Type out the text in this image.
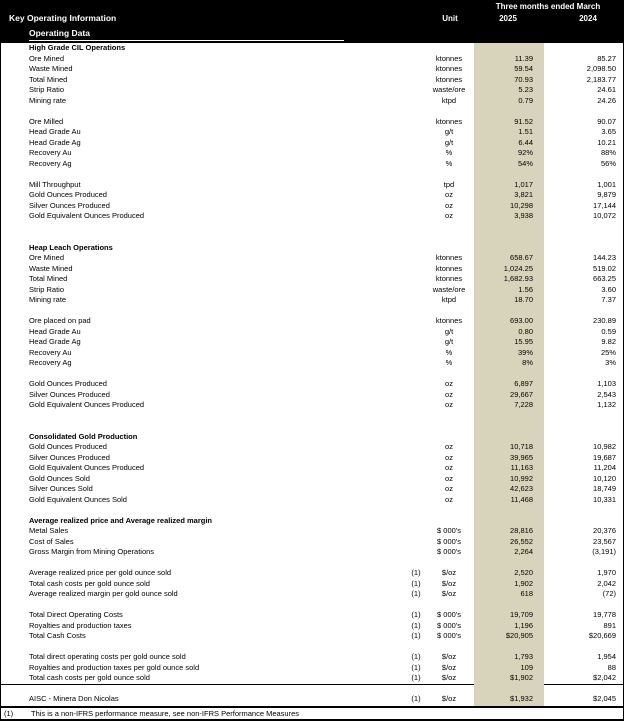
Three months ended March
Key Operating Information	Unit	2025	2024
Operating Data
High Grade CIL Operations
Ore Mined	ktonnes	11.39	85.27
Waste Mined	ktonnes	59.54	2,098.50
Total Mined	ktonnes	70.93	2,183.77
Strip Ratio	waste/ore	5.23	24.61
Mining rate	ktpd	0.79	24.26
Ore Milled	ktonnes	91.52	90.07
Head Grade Au	g/t	1.51	3.65
Head Grade Ag	g/t	6.44	10.21
Recovery Au	%	92%	88%
Recovery Ag	%	54%	56%
Mill Throughput	tpd	1,017	1,001
Gold Ounces Produced	oz	3,821	9,879
Silver Ounces Produced	oz	10,298	17,144
Gold Equivalent Ounces Produced	oz	3,938	10,072
Heap Leach Operations
Ore Mined	ktonnes	658.67	144.23
Waste Mined	ktonnes	1,024.25	519.02
Total Mined	ktonnes	1,682.93	663.25
Strip Ratio	waste/ore	1.56	3.60
Mining rate	ktpd	18.70	7.37
Ore placed on pad	ktonnes	693.00	230.89
Head Grade Au	g/t	0.80	0.59
Head Grade Ag	g/t	15.95	9.82
Recovery Au	%	39%	25%
Recovery Ag	%	8%	3%
Gold Ounces Produced	oz	6,897	1,103
Silver Ounces Produced	oz	29,667	2,543
Gold Equivalent Ounces Produced	oz	7,228	1,132
Consolidated Gold Production
Gold Ounces Produced	oz	10,718	10,982
Silver Ounces Produced	oz	39,965	19,687
Gold Equivalent Ounces Produced	oz	11,163	11,204
Gold Ounces Sold	oz	10,992	10,120
Silver Ounces Sold	oz	42,623	18,749
Gold Equivalent Ounces Sold	oz	11,468	10,331
Average realized price and Average realized margin
Metal Sales	$ 000's	28,816	20,376
Cost of Sales	$ 000's	26,552	23,567
Gross Margin from Mining Operations	$ 000's	2,264	(3,191)
Average realized price per gold ounce sold	(1)	$/oz	2,520	1,970
Total cash costs per gold ounce sold	(1)	$/oz	1,902	2,042
Average realized margin per gold ounce sold	(1)	$/oz	618	(72)
Total Direct Operating Costs	(1)	$ 000's	19,709	19,778
Royalties and production taxes	(1)	$ 000's	1,196	891
Total Cash Costs	(1)	$ 000's	$20,905	$20,669
Total direct operating costs per gold ounce sold	(1)	$/oz	1,793	1,954
Royalties and production taxes per gold ounce sold	(1)	$/oz	109	88
Total cash costs per gold ounce sold	(1)	$/oz	$1,902	$2,042
AISC - Minera Don Nicolas	(1)	$/oz	$1,932	$2,045
(1) This is a non-IFRS performance measure, see non-IFRS Performance Measures
